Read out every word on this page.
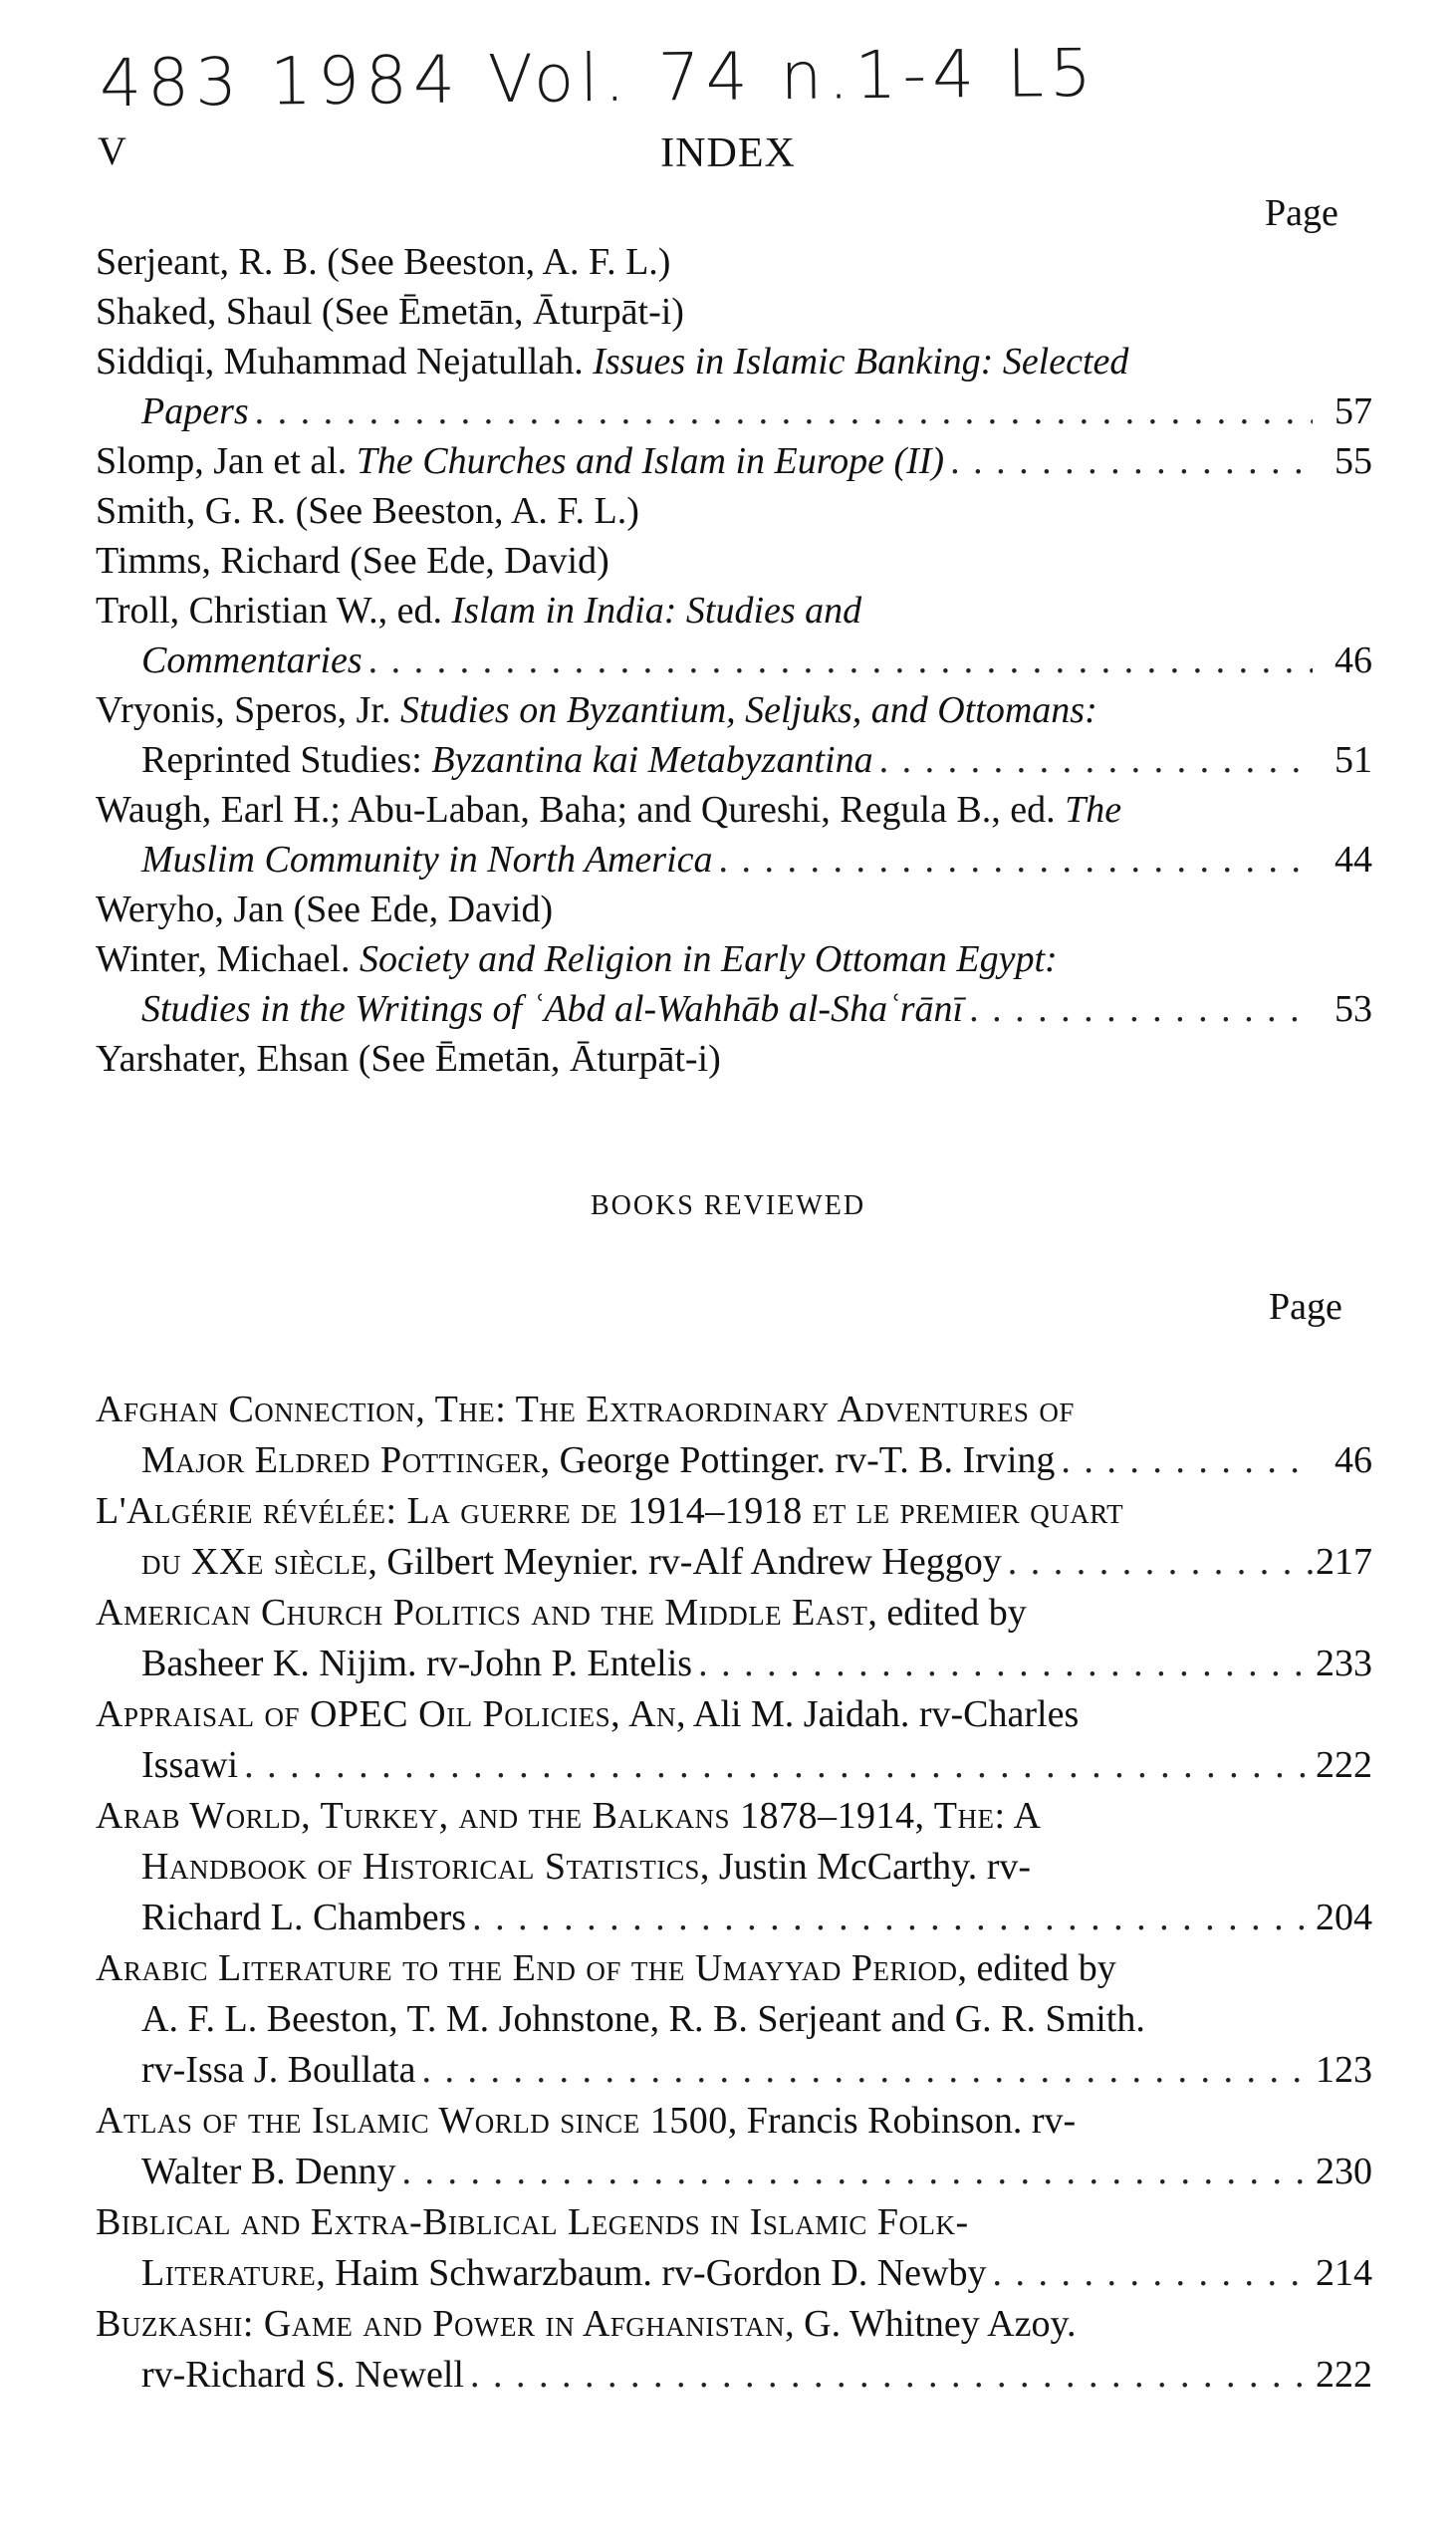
483 1984 Vol. 74 n.1-4 L5
V	INDEX
Page
Serjeant, R. B. (See Beeston, A. F. L.)
Shaked, Shaul (See Ēmetān, Āturpāt-i)
Siddiqi, Muhammad Nejatullah. Issues in Islamic Banking: Selected
Papers . . .	57
Slomp, Jan et al. The Churches and Islam in Europe (II) . . .	55
Smith, G. R. (See Beeston, A. F. L.)
Timms, Richard (See Ede, David)
Troll, Christian W., ed. Islam in India: Studies and
Commentaries . . .	46
Vryonis, Speros, Jr. Studies on Byzantium, Seljuks, and Ottomans:
Reprinted Studies: Byzantina kai Metabyzantina . . .	51
Waugh, Earl H.; Abu-Laban, Baha; and Qureshi, Regula B., ed. The
Muslim Community in North America . . .	44
Weryho, Jan (See Ede, David)
Winter, Michael. Society and Religion in Early Ottoman Egypt:
Studies in the Writings of ʿAbd al-Wahhāb al-Shaʿrānī . . .	53
Yarshater, Ehsan (See Ēmetān, Āturpāt-i)
BOOKS REVIEWED
Page
Afghan Connection, The: The Extraordinary Adventures of
Major Eldred Pottinger, George Pottinger. rv-T. B. Irving . . .	46
L'Algérie révélée: La guerre de 1914–1918 et le premier quart
du XXe siècle, Gilbert Meynier. rv-Alf Andrew Heggoy . . .	217
American Church Politics and the Middle East, edited by
Basheer K. Nijim. rv-John P. Entelis . . .	233
Appraisal of OPEC Oil Policies, An, Ali M. Jaidah. rv-Charles
Issawi . . .	222
Arab World, Turkey, and the Balkans 1878–1914, The: A
Handbook of Historical Statistics, Justin McCarthy. rv-
Richard L. Chambers . . .	204
Arabic Literature to the End of the Umayyad Period, edited by
A. F. L. Beeston, T. M. Johnstone, R. B. Serjeant and G. R. Smith.
rv-Issa J. Boullata . . .	123
Atlas of the Islamic World since 1500, Francis Robinson. rv-
Walter B. Denny . . .	230
Biblical and Extra-Biblical Legends in Islamic Folk-
Literature, Haim Schwarzbaum. rv-Gordon D. Newby . . .	214
Buzkashi: Game and Power in Afghanistan, G. Whitney Azoy.
rv-Richard S. Newell . . .	222
